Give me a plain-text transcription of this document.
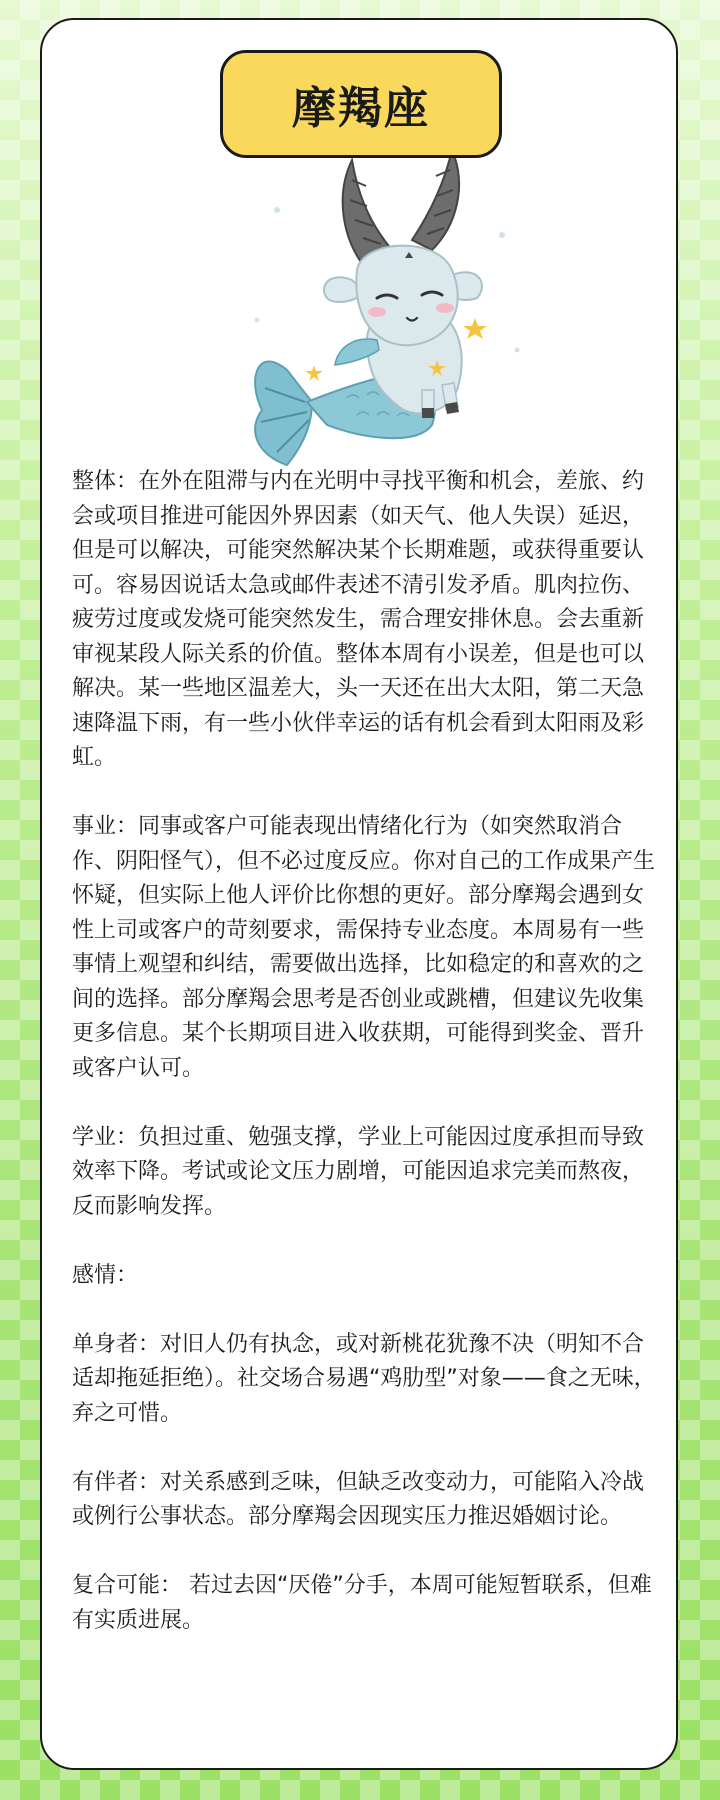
摩羯座

整体：在外在阻滞与内在光明中寻找平衡和机会，差旅、约会或项目推进可能因外界因素（如天气、他人失误）延迟，但是可以解决，可能突然解决某个长期难题，或获得重要认可。容易因说话太急或邮件表述不清引发矛盾。肌肉拉伤、疲劳过度或发烧可能突然发生，需合理安排休息。会去重新审视某段人际关系的价值。整体本周有小误差，但是也可以解决。某一些地区温差大，头一天还在出大太阳，第二天急速降温下雨，有一些小伙伴幸运的话有机会看到太阳雨及彩虹。

事业：同事或客户可能表现出情绪化行为（如突然取消合作、阴阳怪气），但不必过度反应。你对自己的工作成果产生怀疑，但实际上他人评价比你想的更好。部分摩羯会遇到女性上司或客户的苛刻要求，需保持专业态度。本周易有一些事情上观望和纠结，需要做出选择，比如稳定的和喜欢的之间的选择。部分摩羯会思考是否创业或跳槽，但建议先收集更多信息。某个长期项目进入收获期，可能得到奖金、晋升或客户认可。

学业：负担过重、勉强支撑，学业上可能因过度承担而导致效率下降。考试或论文压力剧增，可能因追求完美而熬夜，反而影响发挥。

感情：

单身者：对旧人仍有执念，或对新桃花犹豫不决（明知不合适却拖延拒绝）。社交场合易遇“鸡肋型”对象——食之无味，弃之可惜。

有伴者：对关系感到乏味，但缺乏改变动力，可能陷入冷战或例行公事状态。部分摩羯会因现实压力推迟婚姻讨论。

复合可能： 若过去因“厌倦”分手，本周可能短暂联系，但难有实质进展。
